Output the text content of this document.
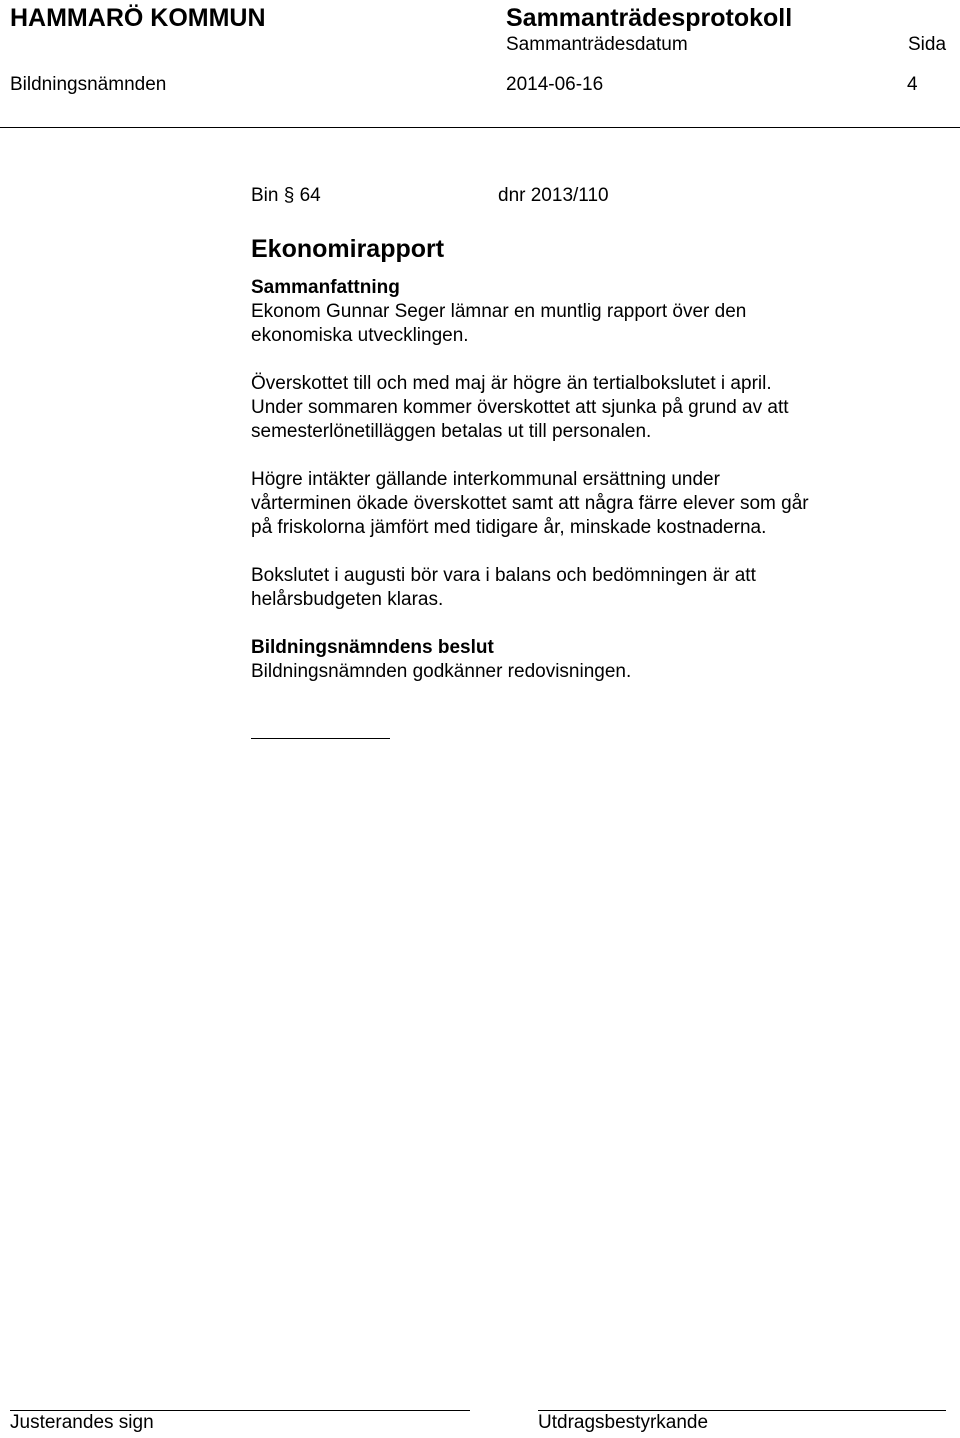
HAMMARÖ KOMMUN	Sammanträdesprotokoll
Sammanträdesdatum	Sida
Bildningsnämnden	2014-06-16	4
Bin § 64	dnr 2013/110
Ekonomirapport
Sammanfattning
Ekonom Gunnar Seger lämnar en muntlig rapport över den
ekonomiska utvecklingen.
Överskottet till och med maj är högre än tertialbokslutet i april.
Under sommaren kommer överskottet att sjunka på grund av att
semesterlönetilläggen betalas ut till personalen.
Högre intäkter gällande interkommunal ersättning under
vårterminen ökade överskottet samt att några färre elever som går
på friskolorna jämfört med tidigare år, minskade kostnaderna.
Bokslutet i augusti bör vara i balans och bedömningen är att
helårsbudgeten klaras.
Bildningsnämndens beslut
Bildningsnämnden godkänner redovisningen.
Justerandes sign	Utdragsbestyrkande
